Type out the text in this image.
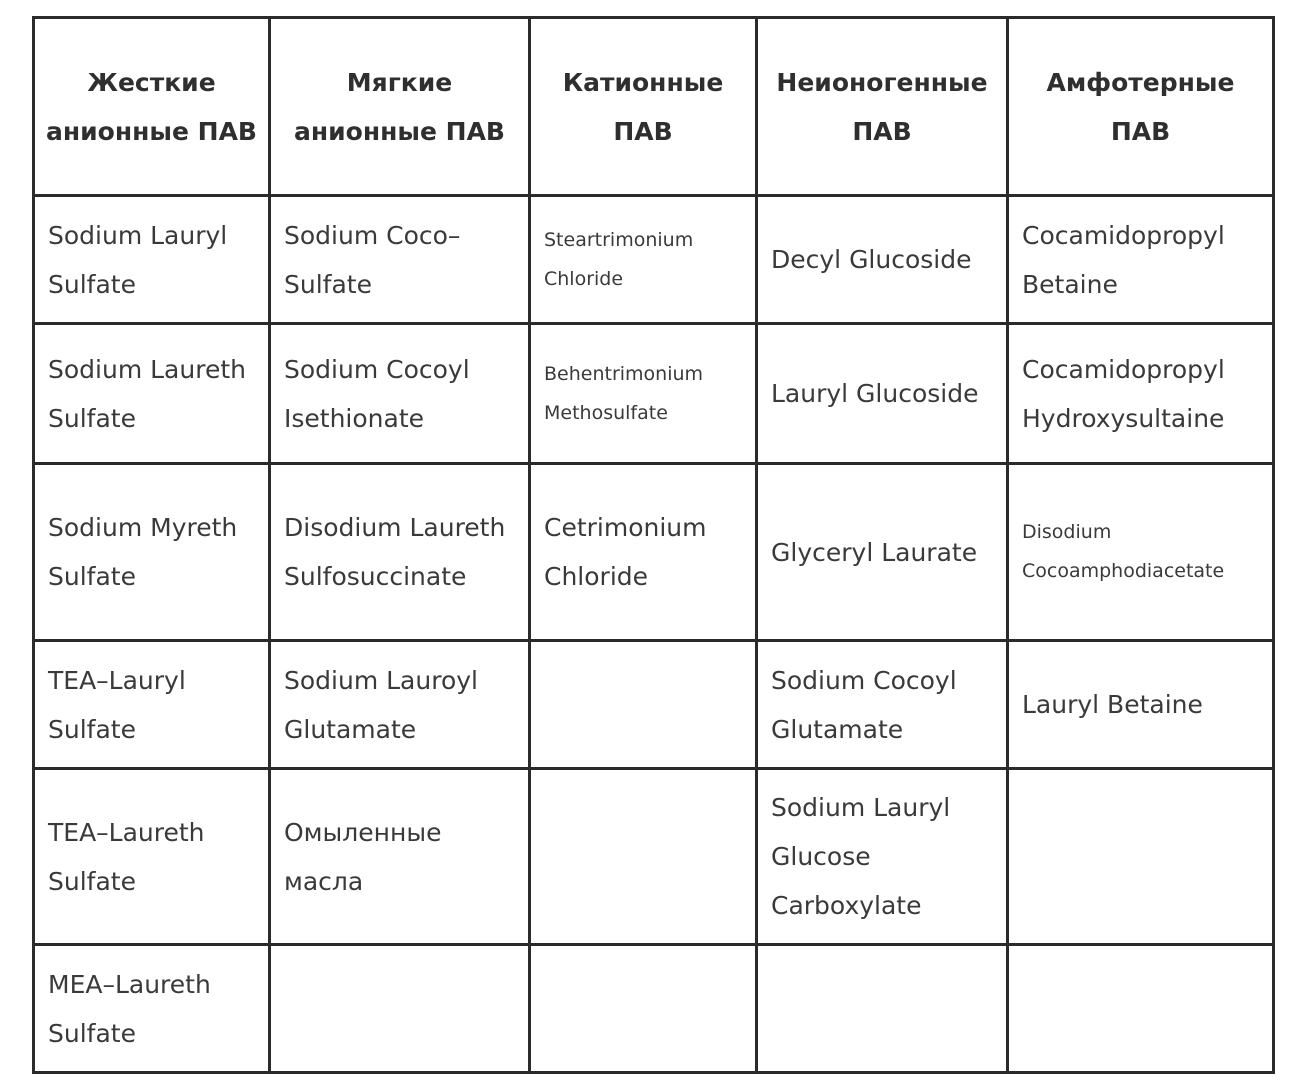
Жесткие анионные ПАВ	Мягкие анионные ПАВ	Катионные ПАВ	Неионогенные ПАВ	Амфотерные ПАВ
Sodium Lauryl Sulfate	Sodium Coco–Sulfate	Steartrimonium Chloride	Decyl Glucoside	Cocamidopropyl Betaine
Sodium Laureth Sulfate	Sodium Cocoyl Isethionate	Behentrimonium Methosulfate	Lauryl Glucoside	Cocamidopropyl Hydroxysultaine
Sodium Myreth Sulfate	Disodium Laureth Sulfosuccinate	Cetrimonium Chloride	Glyceryl Laurate	Disodium Cocoamphodiacetate
TEA–Lauryl Sulfate	Sodium Lauroyl Glutamate		Sodium Cocoyl Glutamate	Lauryl Betaine
TEA–Laureth Sulfate	Омыленные масла		Sodium Lauryl Glucose Carboxylate	
MEA–Laureth Sulfate				
